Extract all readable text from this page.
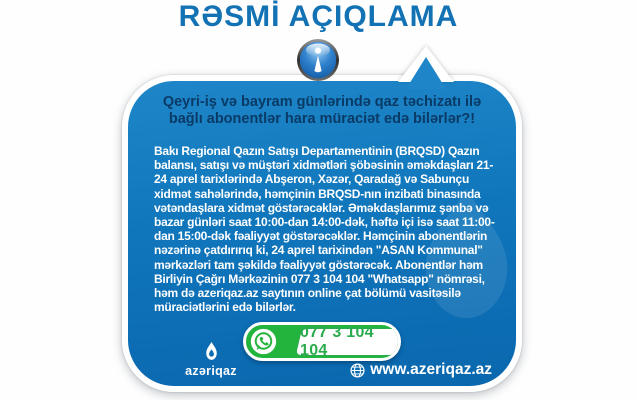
RƏSMİ AÇIQLAMA

Qeyri-iş və bayram günlərində qaz təchizatı ilə bağlı abonentlər hara müraciət edə bilərlər?!

Bakı Regional Qazın Satışı Departamentinin (BRQSD) Qazın balansı, satışı və müştəri xidmətləri şöbəsinin əməkdaşları 21-24 aprel tarixlərində Abşeron, Xəzər, Qaradağ və Sabunçu xidmət sahələrində, həmçinin BRQSD-nın inzibati binasında vətəndaşlara xidmət göstərəcəklər. Əməkdaşlarımız şənbə və bazar günləri saat 10:00-dan 14:00-dək, həftə içi isə saat 11:00-dan 15:00-dək fəaliyyət göstərəcəklər. Həmçinin abonentlərin nəzərinə çatdırırıq ki, 24 aprel tarixindən "ASAN Kommunal" mərkəzləri tam şəkildə fəaliyyət göstərəcək. Abonentlər həm Birliyin Çağrı Mərkəzinin 077 3 104 104 "Whatsapp" nömrəsi, həm də azeriqaz.az saytının online çat bölümü vasitəsilə müraciətlərini edə bilərlər.

077 3 104 104
azəriqaz	www.azeriqaz.az
